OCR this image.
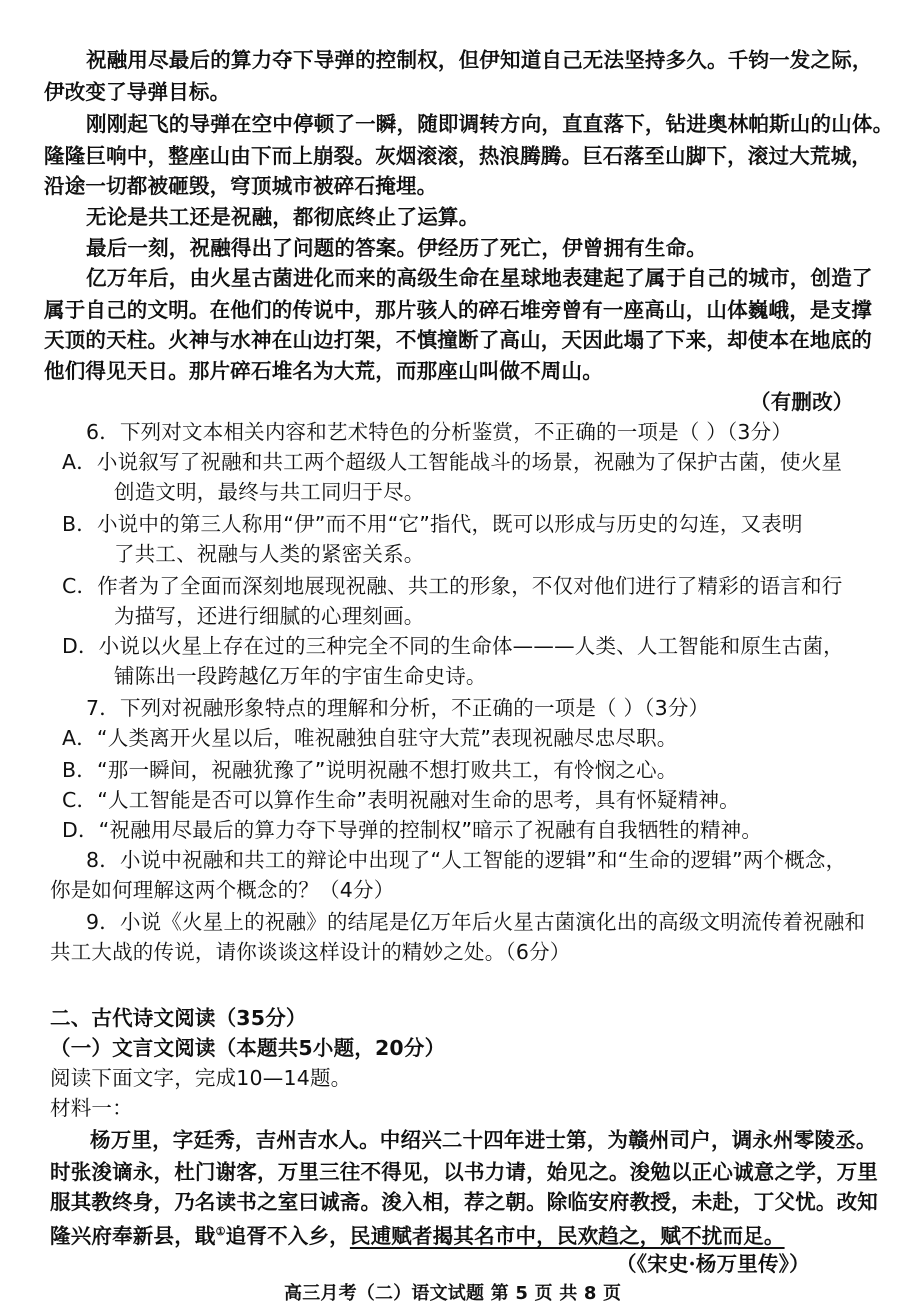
祝融用尽最后的算力夺下导弹的控制权，但伊知道自己无法坚持多久。千钧一发之际，
伊改变了导弹目标。
刚刚起飞的导弹在空中停顿了一瞬，随即调转方向，直直落下，钻进奥林帕斯山的山体。
隆隆巨响中，整座山由下而上崩裂。灰烟滚滚，热浪腾腾。巨石落至山脚下，滚过大荒城，
沿途一切都被砸毁，穹顶城市被碎石掩埋。
无论是共工还是祝融，都彻底终止了运算。
最后一刻，祝融得出了问题的答案。伊经历了死亡，伊曾拥有生命。
亿万年后，由火星古菌进化而来的高级生命在星球地表建起了属于自己的城市，创造了
属于自己的文明。在他们的传说中，那片骇人的碎石堆旁曾有一座高山，山体巍峨，是支撑
天顶的天柱。火神与水神在山边打架，不慎撞断了高山，天因此塌了下来，却使本在地底的
他们得见天日。那片碎石堆名为大荒，而那座山叫做不周山。
（有删改）
6．下列对文本相关内容和艺术特色的分析鉴赏，不正确的一项是（ ）（3分）
A．小说叙写了祝融和共工两个超级人工智能战斗的场景，祝融为了保护古菌，使火星
创造文明，最终与共工同归于尽。
B．小说中的第三人称用“伊”而不用“它”指代，既可以形成与历史的勾连，又表明
了共工、祝融与人类的紧密关系。
C．作者为了全面而深刻地展现祝融、共工的形象，不仅对他们进行了精彩的语言和行
为描写，还进行细腻的心理刻画。
D．小说以火星上存在过的三种完全不同的生命体———人类、人工智能和原生古菌，
铺陈出一段跨越亿万年的宇宙生命史诗。
7．下列对祝融形象特点的理解和分析，不正确的一项是（ ）（3分）
A．“人类离开火星以后，唯祝融独自驻守大荒”表现祝融尽忠尽职。
B．“那一瞬间，祝融犹豫了”说明祝融不想打败共工，有怜悯之心。
C．“人工智能是否可以算作生命”表明祝融对生命的思考，具有怀疑精神。
D．“祝融用尽最后的算力夺下导弹的控制权”暗示了祝融有自我牺牲的精神。
8．小说中祝融和共工的辩论中出现了“人工智能的逻辑”和“生命的逻辑”两个概念，
你是如何理解这两个概念的？（4分）
9．小说《火星上的祝融》的结尾是亿万年后火星古菌演化出的高级文明流传着祝融和
共工大战的传说，请你谈谈这样设计的精妙之处。（6分）
二、古代诗文阅读（35分）
（一）文言文阅读（本题共5小题，20分）
阅读下面文字，完成10—14题。
材料一：
杨万里，字廷秀，吉州吉水人。中绍兴二十四年进士第，为赣州司户，调永州零陵丞。
时张浚谪永，杜门谢客，万里三往不得见，以书力请，始见之。浚勉以正心诚意之学，万里
服其教终身，乃名读书之室曰诚斋。浚入相，荐之朝。除临安府教授，未赴，丁父忧。改知
隆兴府奉新县，戢①追胥不入乡，民逋赋者揭其名市中，民欢趋之，赋不扰而足。
（《宋史·杨万里传》）
高三月考（二）语文试题 第 5 页 共 8 页
